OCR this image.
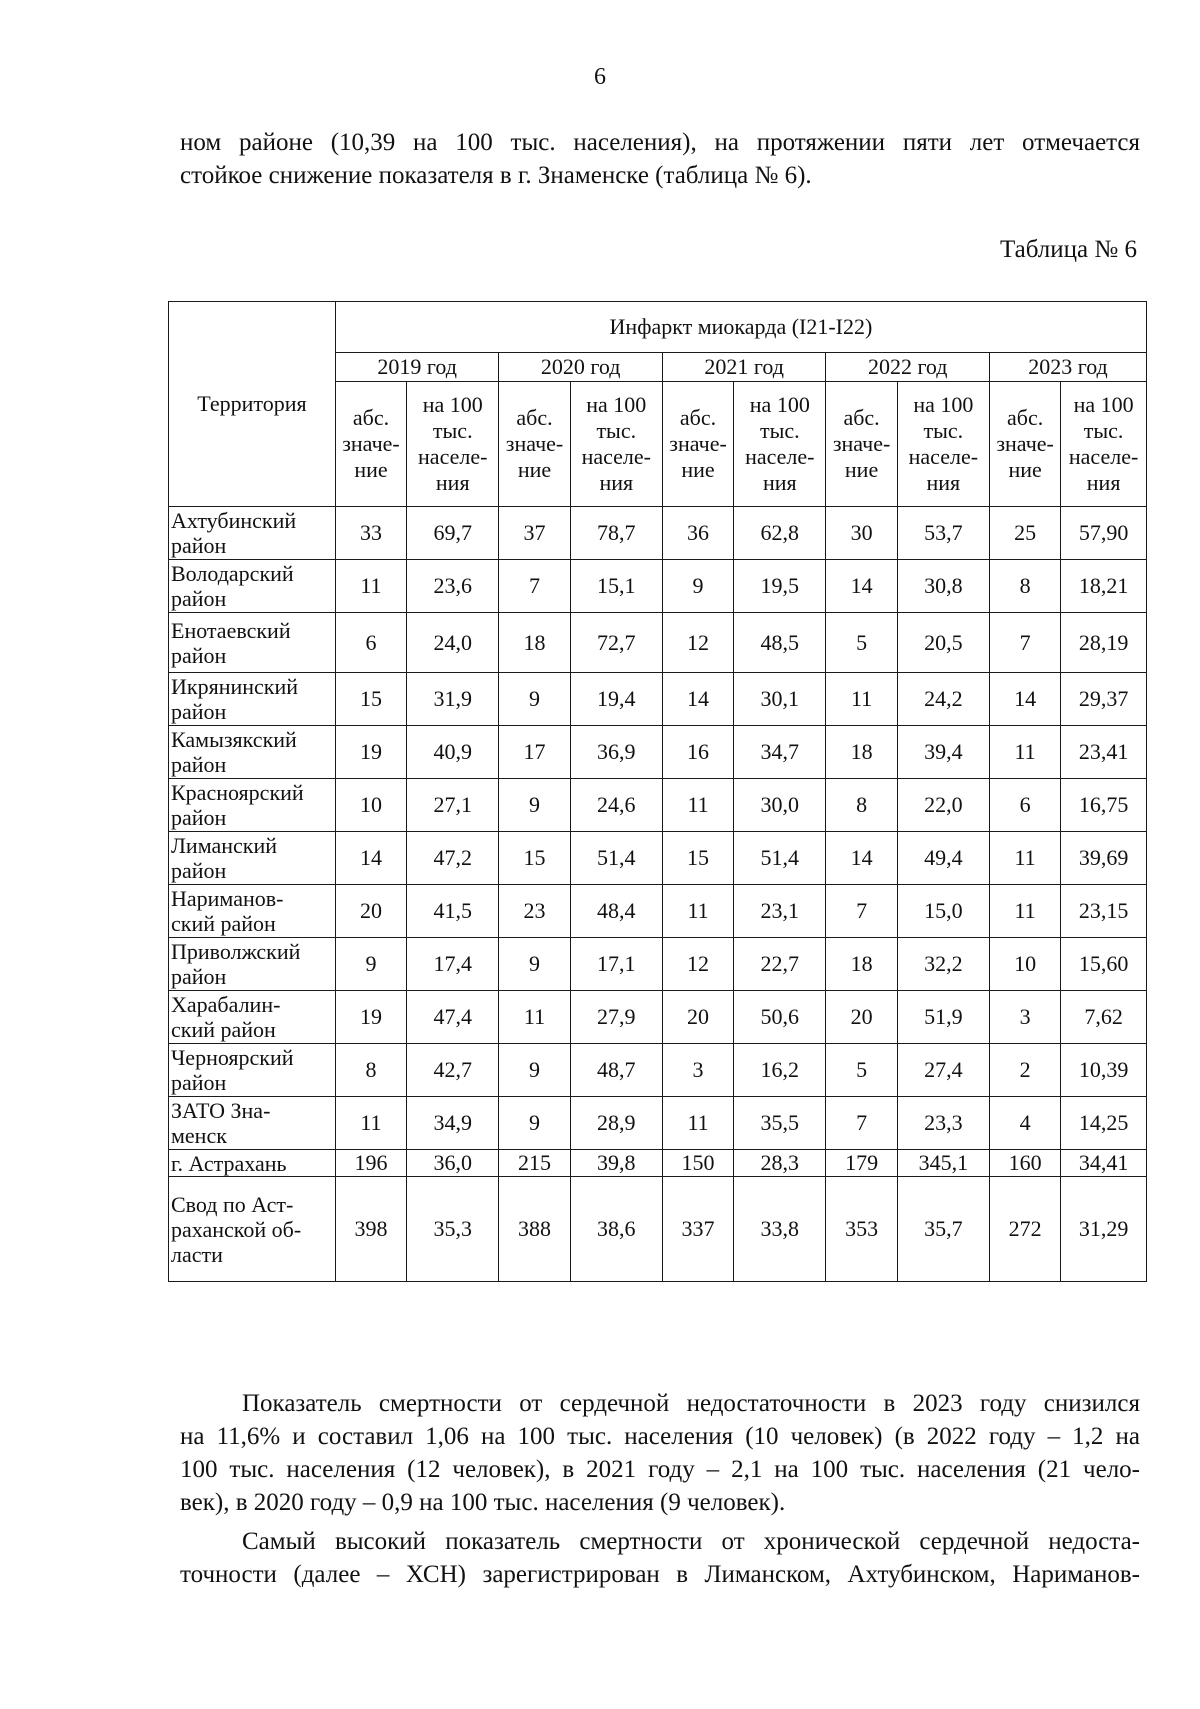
6
ном районе (10,39 на 100 тыс. населения), на протяжении пяти лет отмечается
стойкое снижение показателя в г. Знаменске (таблица № 6).
Таблица № 6
Территория	Инфаркт миокарда (I21-I22)									
	2019 год		2020 год		2021 год		2022 год		2023 год	
	абс.
значе-
ние	на 100
тыс.
населе-
ния	абс.
значе-
ние	на 100
тыс.
населе-
ния	абс.
значе-
ние	на 100
тыс.
населе-
ния	абс.
значе-
ние	на 100
тыс.
населе-
ния	абс.
значе-
ние	на 100
тыс.
населе-
ния
Ахтубинский
район	33	69,7	37	78,7	36	62,8	30	53,7	25	57,90
Володарский
район	11	23,6	7	15,1	9	19,5	14	30,8	8	18,21
Енотаевский
район	6	24,0	18	72,7	12	48,5	5	20,5	7	28,19
Икрянинский
район	15	31,9	9	19,4	14	30,1	11	24,2	14	29,37
Камызякский
район	19	40,9	17	36,9	16	34,7	18	39,4	11	23,41
Красноярский
район	10	27,1	9	24,6	11	30,0	8	22,0	6	16,75
Лиманский
район	14	47,2	15	51,4	15	51,4	14	49,4	11	39,69
Нариманов-
ский район	20	41,5	23	48,4	11	23,1	7	15,0	11	23,15
Приволжский
район	9	17,4	9	17,1	12	22,7	18	32,2	10	15,60
Харабалин-
ский район	19	47,4	11	27,9	20	50,6	20	51,9	3	7,62
Черноярский
район	8	42,7	9	48,7	3	16,2	5	27,4	2	10,39
ЗАТО Зна-
менск	11	34,9	9	28,9	11	35,5	7	23,3	4	14,25
г. Астрахань	196	36,0	215	39,8	150	28,3	179	345,1	160	34,41
Свод по Аст-
раханской об-
ласти	398	35,3	388	38,6	337	33,8	353	35,7	272	31,29
Показатель смертности от сердечной недостаточности в 2023 году снизился
на 11,6% и составил 1,06 на 100 тыс. населения (10 человек) (в 2022 году – 1,2 на
100 тыс. населения (12 человек), в 2021 году – 2,1 на 100 тыс. населения (21 чело-
век), в 2020 году – 0,9 на 100 тыс. населения (9 человек).
Самый высокий показатель смертности от хронической сердечной недоста-
точности (далее – ХСН) зарегистрирован в Лиманском, Ахтубинском, Нариманов-
